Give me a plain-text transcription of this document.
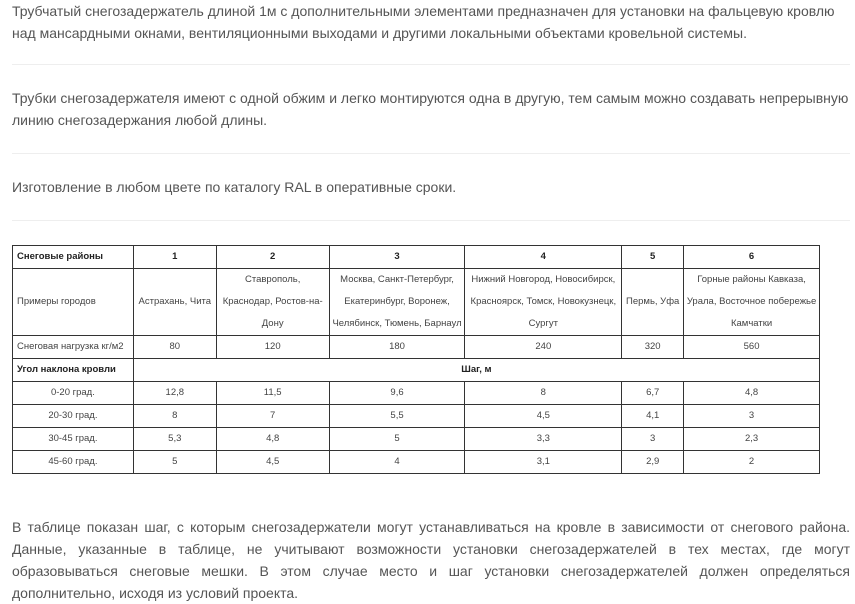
Трубчатый снегозадержатель длиной 1м с дополнительными элементами предназначен для установки на фальцевую кровлю над мансардными окнами, вентиляционными выходами и другими локальными объектами кровельной системы.

Трубки снегозадержателя имеют с одной обжим и легко монтируются одна в другую, тем самым можно создавать непрерывную линию снегозадержания любой длины.

Изготовление в любом цвете по каталогу RAL в оперативные сроки.

Снеговые районы	1	2	3	4	5	6
Примеры городов	Астрахань, Чита	Ставрополь, Краснодар, Ростов-на-Дону	Москва, Санкт-Петербург, Екатеринбург, Воронеж, Челябинск, Тюмень, Барнаул	Нижний Новгород, Новосибирск, Красноярск, Томск, Новокузнецк, Сургут	Пермь, Уфа	Горные районы Кавказа, Урала, Восточное побережье Камчатки
Снеговая нагрузка кг/м2	80	120	180	240	320	560
Угол наклона кровли	Шаг, м					
0-20 град.	12,8	11,5	9,6	8	6,7	4,8
20-30 град.	8	7	5,5	4,5	4,1	3
30-45 град.	5,3	4,8	5	3,3	3	2,3
45-60 град.	5	4,5	4	3,1	2,9	2

В таблице показан шаг, с которым снегозадержатели могут устанавливаться на кровле в зависимости от снегового района. Данные, указанные в таблице, не учитывают возможности установки снегозадержателей в тех местах, где могут образовываться снеговые мешки. В этом случае место и шаг установки снегозадержателей должен определяться дополнительно, исходя из условий проекта.
